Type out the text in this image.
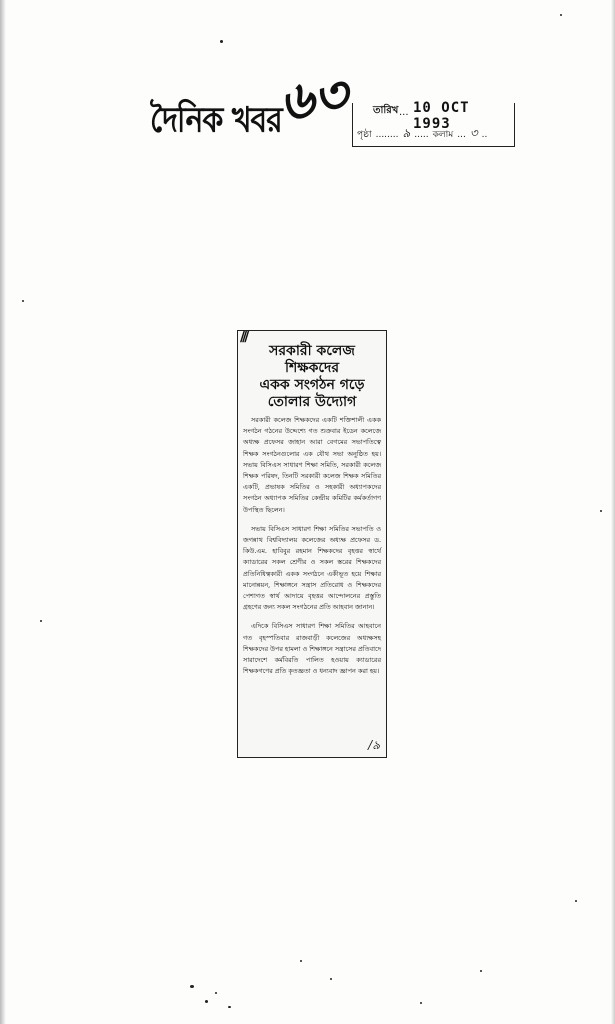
দৈনিক খবর
৬৩ তারিখ ... 10 OCT 1993
পৃষ্ঠা ........ ৯ ..... কলাম ... ৩ ..
///
সরকারী কলেজ শিক্ষকদের
একক সংগঠন গড়ে
তোলার উদ্যোগ

সরকারী কলেজ শিক্ষকদের একটি শক্তিশালী একক সংগঠন গঠনের উদ্দেশ্যে গত শুক্রবার ইডেন কলেজে অধ্যক্ষ প্রফেসর জাহান আরা বেগমের সভাপতিত্বে শিক্ষক সংগঠনগুলোর এক যৌথ সভা অনুষ্ঠিত হয়। সভায় বিসিএস সাধারণ শিক্ষা সমিতি, সরকারী কলেজ শিক্ষক পরিষদ, তিনটি সরকারী কলেজ শিক্ষক সমিতির একটি, প্রভাষক সমিতির ও সহকারী অধ্যাপকদের সংগঠন অধ্যাপক সমিতির কেন্দ্রীয় কমিটির কর্মকর্তাগণ উপস্থিত ছিলেন।

সভায় বিসিএস সাধারণ শিক্ষা সমিতির সভাপতি ও জগন্নাথ বিশ্ববিদ্যালয় কলেজের অধ্যক্ষ প্রফেসর ড. কিউ.এম. হাবিবুর রহমান শিক্ষকদের বৃহত্তর স্বার্থে ক্যাডারের সকল শ্রেণীর ও সকল স্তরের শিক্ষকদের প্রতিনিধিত্বকারী একক সংগঠনে একীভূত হয়ে শিক্ষার মানোন্নয়ন, শিক্ষাঙ্গনে সন্ত্রাস প্রতিরোধ ও শিক্ষকদের পেশাগত স্বার্থ আদায়ে বৃহত্তর আন্দোলনের প্রস্তুতি গ্রহণের জন্য সকল সংগঠনের প্রতি আহবান জানান।

এদিকে বিসিএস সাধারণ শিক্ষা সমিতির আহবানে গত বৃহস্পতিবার রাজবাড়ী কলেজের অধ্যক্ষসহ শিক্ষকদের উপর হামলা ও শিক্ষাঙ্গনে সন্ত্রাসের প্রতিবাদে সারাদেশে কর্মবিরতি পালিত হওয়ায় ক্যাডারের শিক্ষকগণের প্রতি কৃতজ্ঞতা ও ধন্যবাদ জ্ঞাপন করা হয়।

/৯
